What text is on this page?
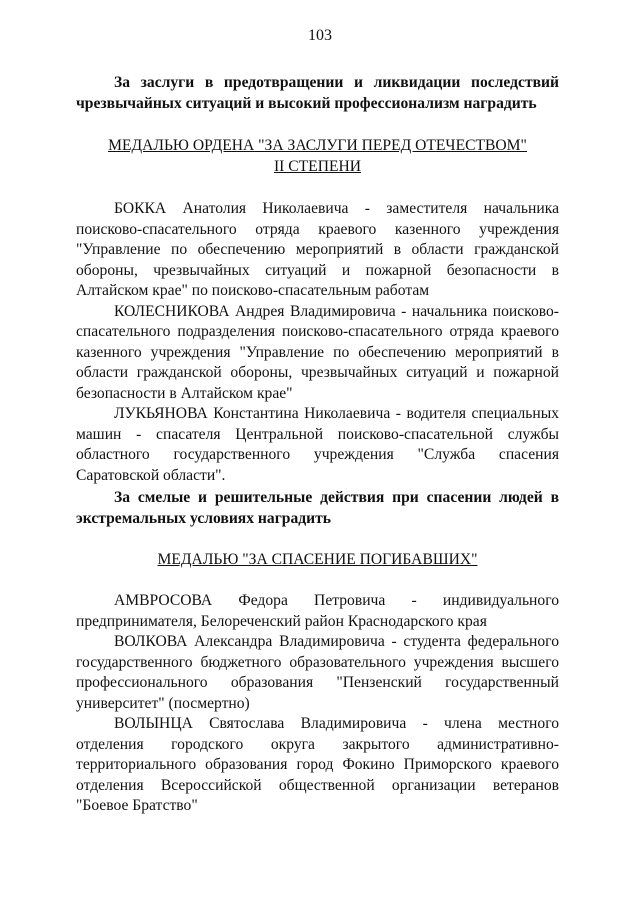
103

За заслуги в предотвращении и ликвидации последствий чрезвычайных ситуаций и высокий профессионализм наградить

МЕДАЛЬЮ ОРДЕНА "ЗА ЗАСЛУГИ ПЕРЕД ОТЕЧЕСТВОМ"
II СТЕПЕНИ

БОККА Анатолия Николаевича - заместителя начальника поисково-спасательного отряда краевого казенного учреждения "Управление по обеспечению мероприятий в области гражданской обороны, чрезвычайных ситуаций и пожарной безопасности в Алтайском крае" по поисково-спасательным работам

КОЛЕСНИКОВА Андрея Владимировича - начальника поисково-спасательного подразделения поисково-спасательного отряда краевого казенного учреждения "Управление по обеспечению мероприятий в области гражданской обороны, чрезвычайных ситуаций и пожарной безопасности в Алтайском крае"

ЛУКЬЯНОВА Константина Николаевича - водителя специальных машин - спасателя Центральной поисково-спасательной службы областного государственного учреждения "Служба спасения Саратовской области".

За смелые и решительные действия при спасении людей в экстремальных условиях наградить

МЕДАЛЬЮ "ЗА СПАСЕНИЕ ПОГИБАВШИХ"

АМВРОСОВА Федора Петровича - индивидуального предпринимателя, Белореченский район Краснодарского края

ВОЛКОВА Александра Владимировича - студента федерального государственного бюджетного образовательного учреждения высшего профессионального образования "Пензенский государственный университет" (посмертно)

ВОЛЫНЦА Святослава Владимировича - члена местного отделения городского округа закрытого административно-территориального образования город Фокино Приморского краевого отделения Всероссийской общественной организации ветеранов "Боевое Братство"
